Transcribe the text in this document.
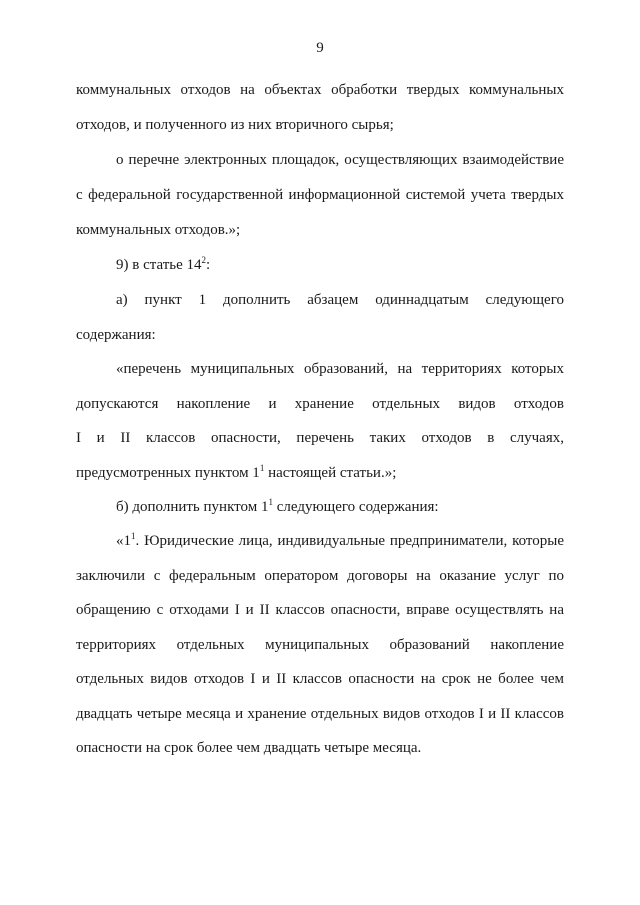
9
коммунальных отходов на объектах обработки твердых коммунальных
отходов, и полученного из них вторичного сырья;
о перечне электронных площадок, осуществляющих взаимодействие
с федеральной государственной информационной системой учета твердых
коммунальных отходов.»;
9) в статье $14^2$:
а) пункт 1 дополнить абзацем одиннадцатым следующего
содержания:
«перечень муниципальных образований, на территориях которых
допускаются накопление и хранение отдельных видов отходов
I и II классов опасности, перечень таких отходов в случаях,
предусмотренных пунктом $1^1$ настоящей статьи.»;
б) дополнить пунктом $1^1$ следующего содержания:
«$1^1$. Юридические лица, индивидуальные предприниматели, которые
заключили с федеральным оператором договоры на оказание услуг по
обращению с отходами I и II классов опасности, вправе осуществлять на
территориях отдельных муниципальных образований накопление
отдельных видов отходов I и II классов опасности на срок не более чем
двадцать четыре месяца и хранение отдельных видов отходов I и II классов
опасности на срок более чем двадцать четыре месяца.
